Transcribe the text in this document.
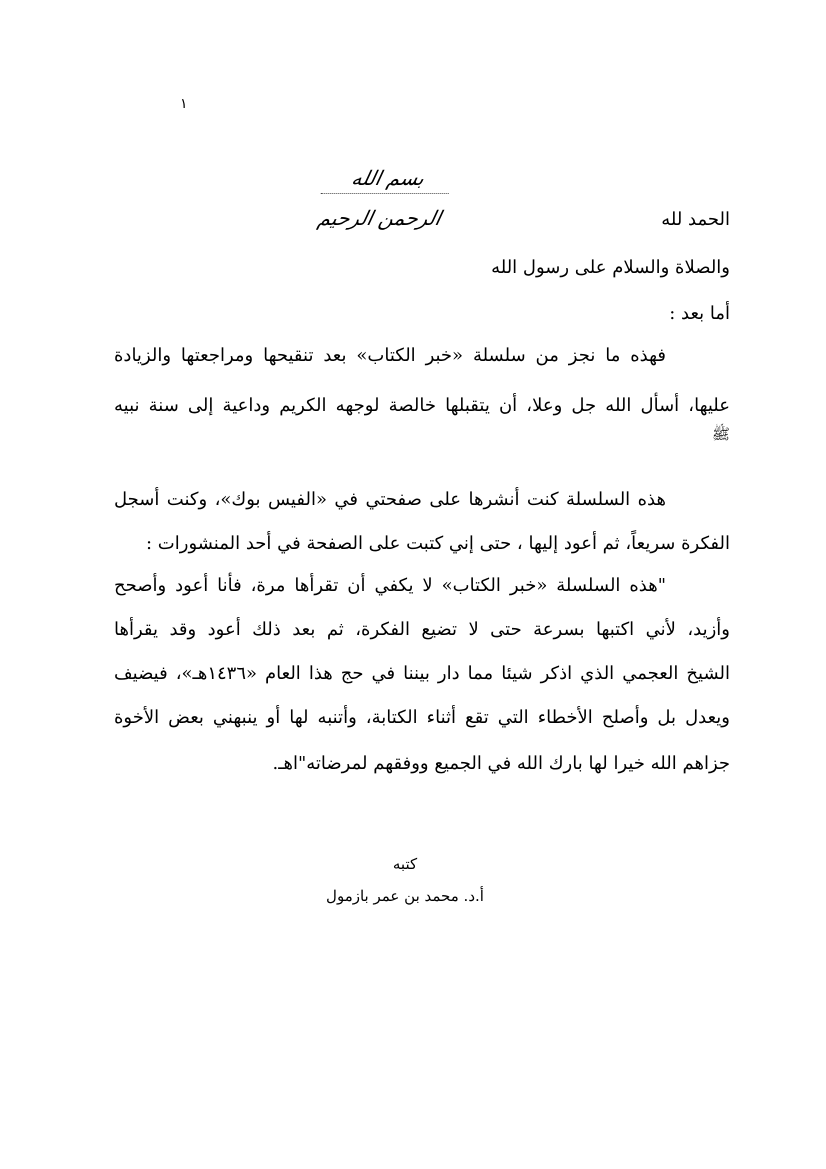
١
بسم الله الرحمن الرحيم	الحمد لله
والصلاة والسلام على رسول الله
أما بعد :
فهذه ما نجز من سلسلة «خبر الكتاب» بعد تنقيحها ومراجعتها والزيادة
عليها، أسأل الله جل وعلا، أن يتقبلها خالصة لوجهه الكريم وداعية إلى سنة نبيه
ﷺ
هذه السلسلة كنت أنشرها على صفحتي في «الفيس بوك»، وكنت أسجل
الفكرة سريعاً، ثم أعود إليها ، حتى إني كتبت على الصفحة في أحد المنشورات :
"هذه السلسلة «خبر الكتاب» لا يكفي أن تقرأها مرة، فأنا أعود وأصحح
وأزيد، لأني اكتبها بسرعة حتى لا تضيع الفكرة، ثم بعد ذلك أعود وقد يقرأها
الشيخ العجمي الذي اذكر شيئا مما دار بيننا في حج هذا العام «١٤٣٦هـ»، فيضيف
ويعدل بل وأصلح الأخطاء التي تقع أثناء الكتابة، وأتنبه لها أو ينبهني بعض الأخوة
جزاهم الله خيرا لها بارك الله في الجميع ووفقهم لمرضاته"اهـ.
كتبه
أ.د. محمد بن عمر بازمول
